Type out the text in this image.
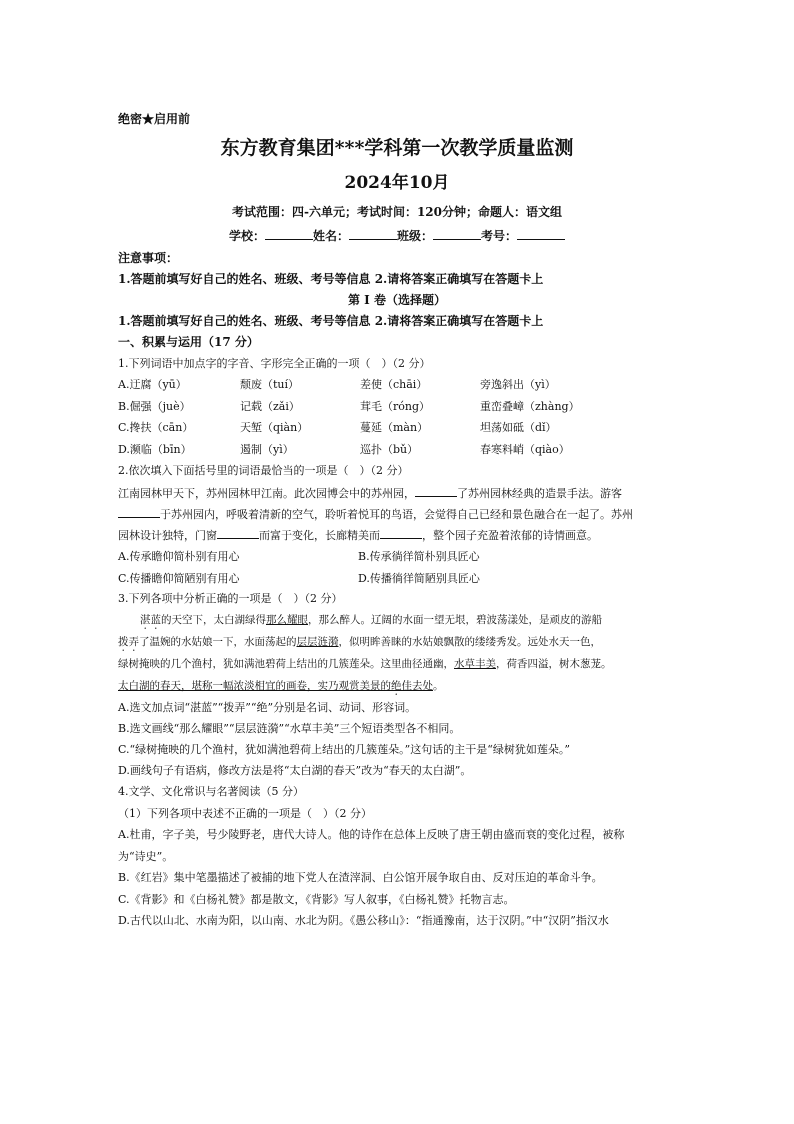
绝密★启用前
东方教育集团***学科第一次教学质量监测
2024年10月
考试范围：四-六单元；考试时间：120分钟；命题人：语文组
学校：	姓名：	班级：	考号：
注意事项：
1.答题前填写好自己的姓名、班级、考号等信息 2.请将答案正确填写在答题卡上
第 I 卷（选择题）
1.答题前填写好自己的姓名、班级、考号等信息 2.请将答案正确填写在答题卡上
一、积累与运用（17 分）
1.下列词语中加点字的字音、字形完全正确的一项（　）（2 分）
A.迂腐（yū）	颓废（tuí）	差使（chāi）	旁逸斜出（yì）
B.倔强（juè）	记载（zǎi）	茸毛（róng）	重峦叠嶂（zhàng）
C.搀扶（cān）	天堑（qiàn）	蔓延（màn）	坦荡如砥（dǐ）
D.濒临（bīn）	遏制（yì）	巡扑（bǔ）	春寒料峭（qiào）
2.依次填入下面括号里的词语最恰当的一项是（　）（2 分）
江南园林甲天下，苏州园林甲江南。此次园博会中的苏州园，	了苏州园林经典的造景手法。游客
于苏州园内，呼吸着清新的空气，聆听着悦耳的鸟语，会觉得自己已经和景色融合在一起了。苏州
园林设计独特，门窗	而富于变化，长廊精美而	，整个园子充盈着浓郁的诗情画意。
A.传承瞻仰简朴别有用心	B.传承徜徉简朴别具匠心
C.传播瞻仰简陋别有用心	D.传播徜徉简陋别具匠心
3.下列各项中分析正确的一项是（　）（2 分）
湛蓝的天空下，太白湖绿得那么耀眼，那么醉人。辽阔的水面一望无垠，碧波荡漾处，是顽皮的游船
拨弄了温婉的水姑娘一下，水面荡起的层层涟漪，似明眸善睐的水姑娘飘散的缕缕秀发。远处水天一色，
绿树掩映的几个渔村，犹如满池碧荷上结出的几簇莲朵。这里曲径通幽，水草丰美，荷香四溢，树木葱茏。
太白湖的春天，堪称一幅浓淡相宜的画卷，实乃观赏美景的绝佳去处。
A.选文加点词“湛蓝”“拨弄”“绝”分别是名词、动词、形容词。
B.选文画线“那么耀眼”“层层涟漪”“水草丰美”三个短语类型各不相同。
C.“绿树掩映的几个渔村，犹如满池碧荷上结出的几簇莲朵。”这句话的主干是“绿树犹如莲朵。”
D.画线句子有语病，修改方法是将“太白湖的春天”改为“春天的太白湖”。
4.文学、文化常识与名著阅读（5 分）
（1）下列各项中表述不正确的一项是（　）（2 分）
A.杜甫，字子美，号少陵野老，唐代大诗人。他的诗作在总体上反映了唐王朝由盛而衰的变化过程，被称
为“诗史”。
B.《红岩》集中笔墨描述了被捕的地下党人在渣滓洞、白公馆开展争取自由、反对压迫的革命斗争。
C.《背影》和《白杨礼赞》都是散文，《背影》写人叙事，《白杨礼赞》托物言志。
D.古代以山北、水南为阳，以山南、水北为阴。《愚公移山》：“指通豫南，达于汉阴。”中“汉阴”指汉水
